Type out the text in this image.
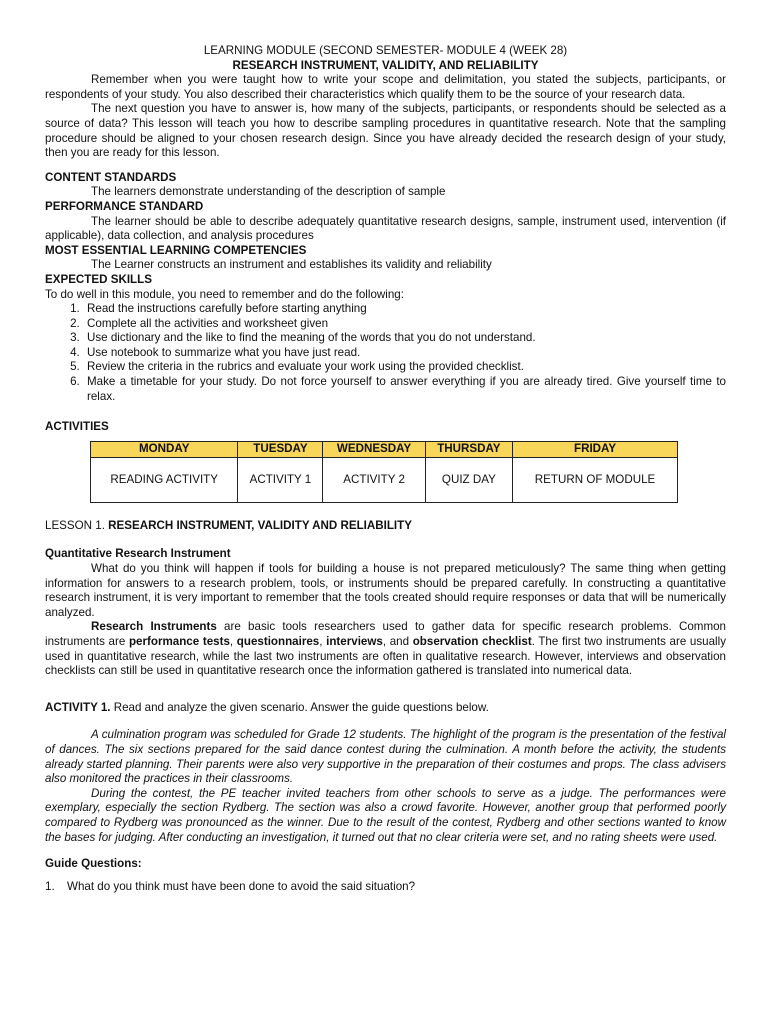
LEARNING MODULE (SECOND SEMESTER- MODULE 4 (WEEK 28)
RESEARCH INSTRUMENT, VALIDITY, AND RELIABILITY

Remember when you were taught how to write your scope and delimitation, you stated the subjects, participants, or respondents of your study. You also described their characteristics which qualify them to be the source of your research data.

The next question you have to answer is, how many of the subjects, participants, or respondents should be selected as a source of data? This lesson will teach you how to describe sampling procedures in quantitative research. Note that the sampling procedure should be aligned to your chosen research design. Since you have already decided the research design of your study, then you are ready for this lesson.

CONTENT STANDARDS

The learners demonstrate understanding of the description of sample

PERFORMANCE STANDARD

The learner should be able to describe adequately quantitative research designs, sample, instrument used, intervention (if applicable), data collection, and analysis procedures

MOST ESSENTIAL LEARNING COMPETENCIES

The Learner constructs an instrument and establishes its validity and reliability

EXPECTED SKILLS

To do well in this module, you need to remember and do the following:

1. Read the instructions carefully before starting anything
2. Complete all the activities and worksheet given
3. Use dictionary and the like to find the meaning of the words that you do not understand.
4. Use notebook to summarize what you have just read.
5. Review the criteria in the rubrics and evaluate your work using the provided checklist.
6. Make a timetable for your study. Do not force yourself to answer everything if you are already tired. Give yourself time to relax.
ACTIVITIES
MONDAY	TUESDAY	WEDNESDAY	THURSDAY	FRIDAY
READING ACTIVITY	ACTIVITY 1	ACTIVITY 2	QUIZ DAY	RETURN OF MODULE
LESSON 1. RESEARCH INSTRUMENT, VALIDITY AND RELIABILITY
Quantitative Research Instrument

What do you think will happen if tools for building a house is not prepared meticulously? The same thing when getting information for answers to a research problem, tools, or instruments should be prepared carefully. In constructing a quantitative research instrument, it is very important to remember that the tools created should require responses or data that will be numerically analyzed.

Research Instruments are basic tools researchers used to gather data for specific research problems. Common instruments are performance tests, questionnaires, interviews, and observation checklist. The first two instruments are usually used in quantitative research, while the last two instruments are often in qualitative research. However, interviews and observation checklists can still be used in quantitative research once the information gathered is translated into numerical data.

ACTIVITY 1. Read and analyze the given scenario. Answer the guide questions below.

A culmination program was scheduled for Grade 12 students. The highlight of the program is the presentation of the festival of dances. The six sections prepared for the said dance contest during the culmination. A month before the activity, the students already started planning. Their parents were also very supportive in the preparation of their costumes and props. The class advisers also monitored the practices in their classrooms.

During the contest, the PE teacher invited teachers from other schools to serve as a judge. The performances were exemplary, especially the section Rydberg. The section was also a crowd favorite. However, another group that performed poorly compared to Rydberg was pronounced as the winner. Due to the result of the contest, Rydberg and other sections wanted to know the bases for judging. After conducting an investigation, it turned out that no clear criteria were set, and no rating sheets were used.

Guide Questions:
1.	What do you think must have been done to avoid the said situation?
